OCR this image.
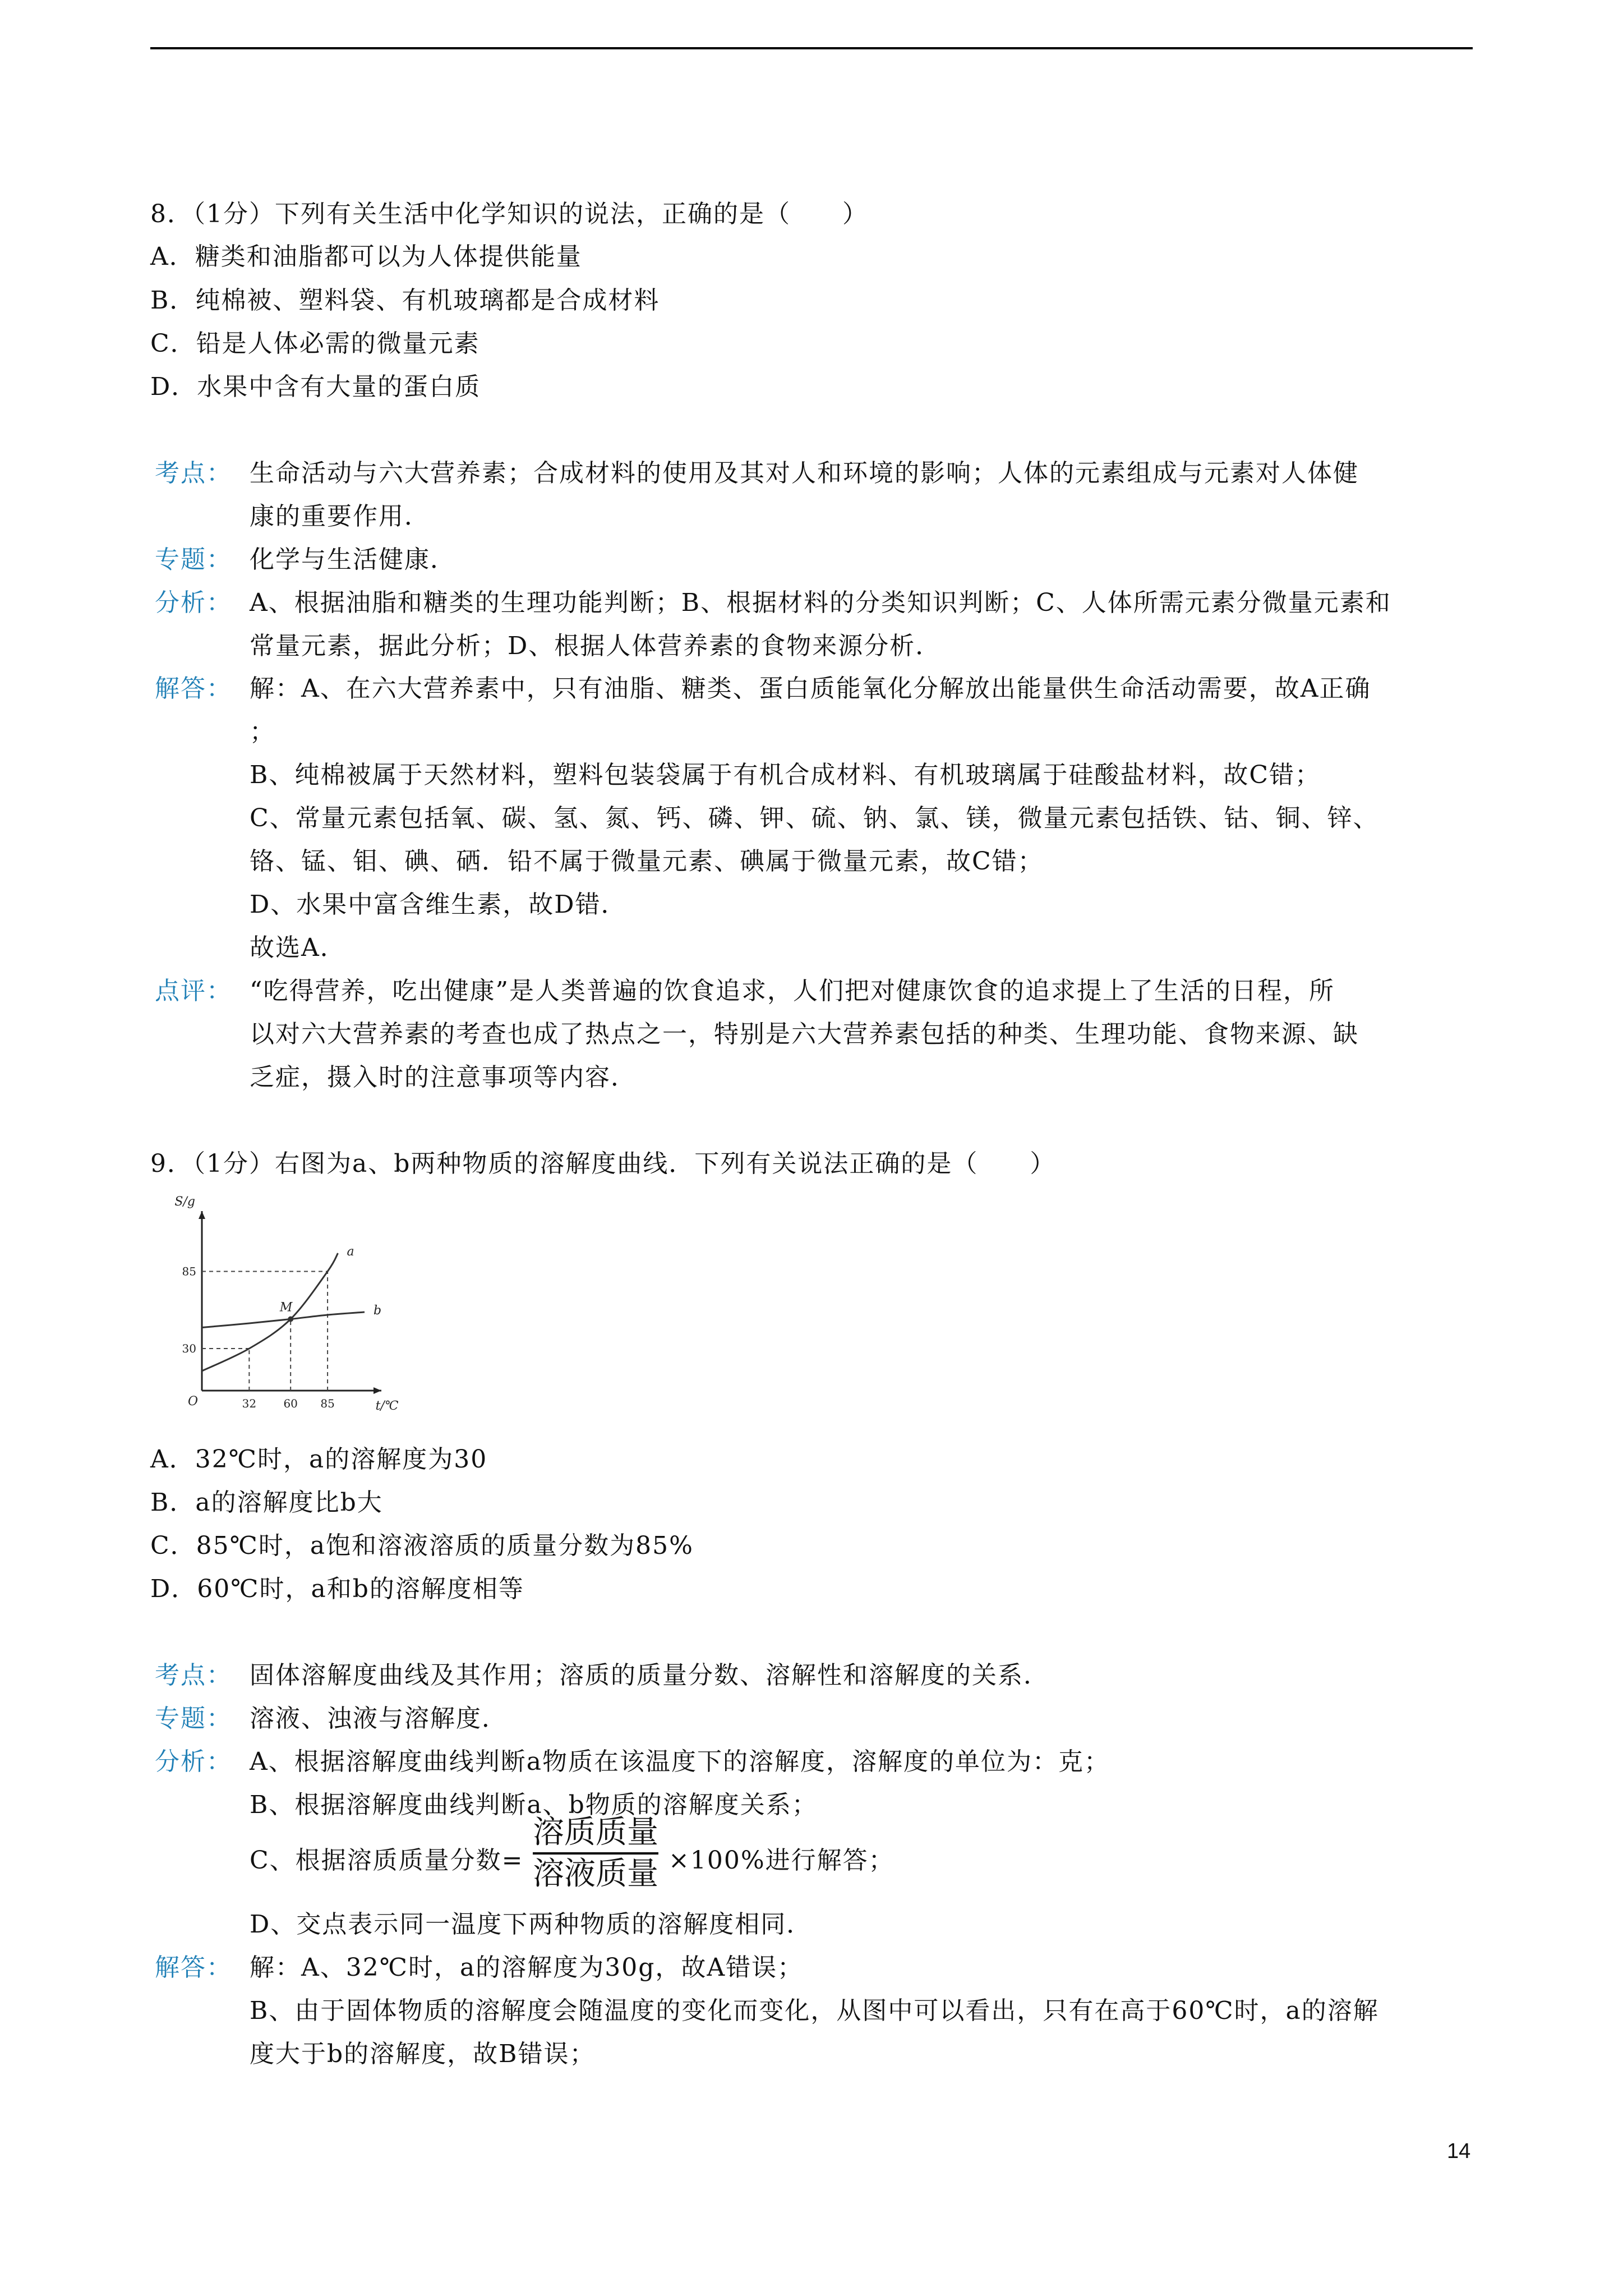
8．（1分）下列有关生活中化学知识的说法，正确的是（　　）
A．糖类和油脂都可以为人体提供能量
B．纯棉被、塑料袋、有机玻璃都是合成材料
C．铅是人体必需的微量元素
D．水果中含有大量的蛋白质
考点： 生命活动与六大营养素；合成材料的使用及其对人和环境的影响；人体的元素组成与元素对人体健
康的重要作用．
专题： 化学与生活健康．
分析： A、根据油脂和糖类的生理功能判断；B、根据材料的分类知识判断；C、人体所需元素分微量元素和
常量元素，据此分析；D、根据人体营养素的食物来源分析．
解答： 解：A、在六大营养素中，只有油脂、糖类、蛋白质能氧化分解放出能量供生命活动需要，故A正确
；
B、纯棉被属于天然材料，塑料包装袋属于有机合成材料、有机玻璃属于硅酸盐材料，故C错；
C、常量元素包括氧、碳、氢、氮、钙、磷、钾、硫、钠、氯、镁，微量元素包括铁、钴、铜、锌、
铬、锰、钼、碘、硒．铅不属于微量元素、碘属于微量元素，故C错；
D、水果中富含维生素，故D错．
故选A．
点评： “吃得营养，吃出健康”是人类普遍的饮食追求，人们把对健康饮食的追求提上了生活的日程，所
以对六大营养素的考查也成了热点之一，特别是六大营养素包括的种类、生理功能、食物来源、缺
乏症，摄入时的注意事项等内容．
9．（1分）右图为a、b两种物质的溶解度曲线．下列有关说法正确的是（　　）
S/g
t/℃
O	32 60 85
30
85
a
b
M
A．32℃时，a的溶解度为30
B．a的溶解度比b大
C．85℃时，a饱和溶液溶质的质量分数为85%
D．60℃时，a和b的溶解度相等
考点： 固体溶解度曲线及其作用；溶质的质量分数、溶解性和溶解度的关系．
专题： 溶液、浊液与溶解度．
分析： A、根据溶解度曲线判断a物质在该温度下的溶解度，溶解度的单位为：克；
B、根据溶解度曲线判断a、b物质的溶解度关系；
C、根据溶质质量分数=
溶质质量
溶液质量 ×100%进行解答；
D、交点表示同一温度下两种物质的溶解度相同．
解答： 解：A、32℃时，a的溶解度为30g，故A错误；
B、由于固体物质的溶解度会随温度的变化而变化，从图中可以看出，只有在高于60℃时，a的溶解
度大于b的溶解度，故B错误；
14
